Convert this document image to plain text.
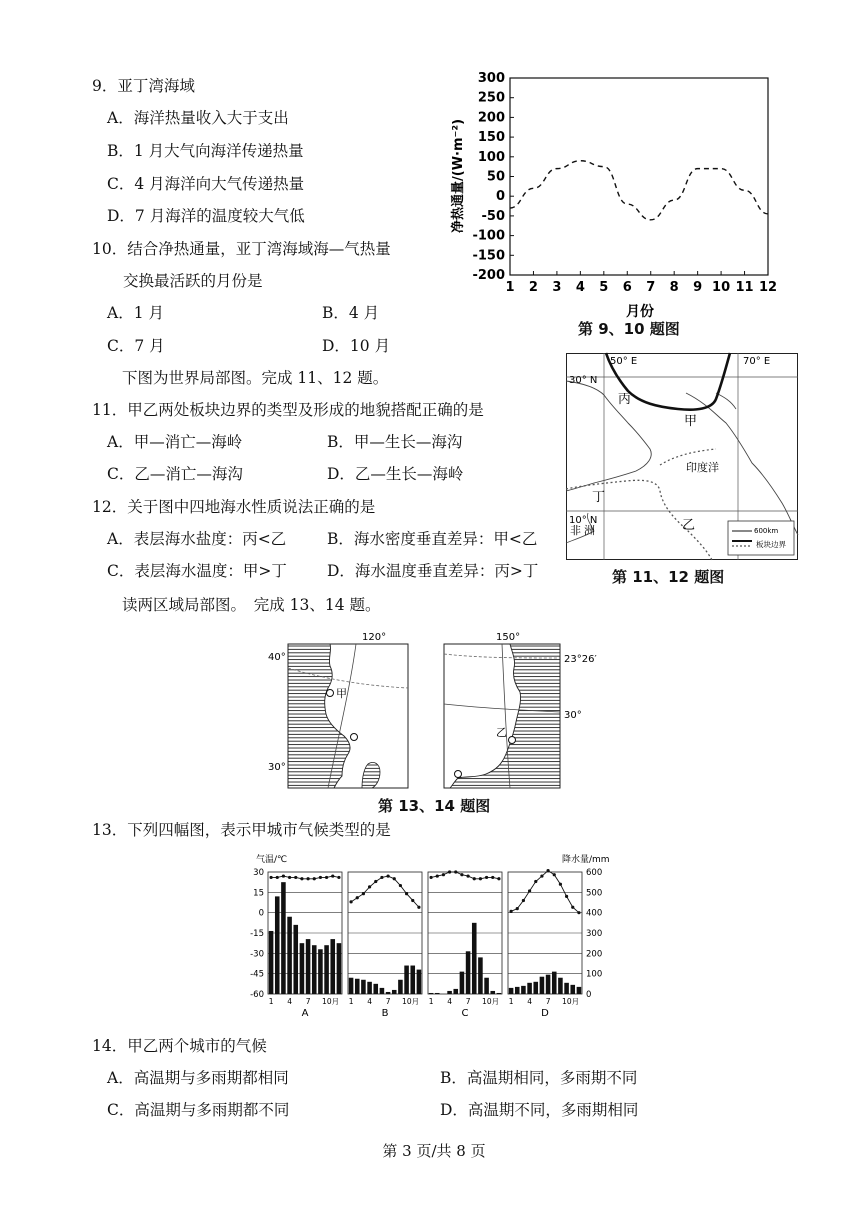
9．亚丁湾海域
A．海洋热量收入大于支出
B．1 月大气向海洋传递热量
C．4 月海洋向大气传递热量
D．7 月海洋的温度较大气低
10．结合净热通量，亚丁湾海域海—气热量
交换最活跃的月份是
A．1 月	B．4 月
C．7 月	D．10 月
300
250
200
150
100
50
0
-50
-100
-150
-200
1 2 3 4 5 6 7 8 9 10 11 12
净热通量/(W·m⁻²)
月份
第 9、10 题图
下图为世界局部图。完成 11、12 题。
11．甲乙两处板块边界的类型及形成的地貌搭配正确的是
A．甲—消亡—海岭	B．甲—生长—海沟
C．乙—消亡—海沟	D．乙—生长—海岭
12．关于图中四地海水性质说法正确的是
A．表层海水盐度：丙<乙	B．海水密度垂直差异：甲<乙
C．表层海水温度：甲>丁	D．海水温度垂直差异：丙>丁
50° E	70° E
30° N
10° N
丙
甲
丁
乙
印度洋
非 洲	600km
板块边界
第 11、12 题图
读两区域局部图。　完成 13、14 题。
120°
40°
30°
甲
150°
23°26′
30°
乙
第 13、14 题图
13．下列四幅图，表示甲城市气候类型的是
气温/℃	降水量/mm
30
15
0
-15
-30
-45
-60
600
500
400
300
200
100
0
1 4 7 10月
A
1 4 7 10月
B
1 4 7 10月
C
1 4 7 10月
D
14．甲乙两个城市的气候
A．高温期与多雨期都相同	B．高温期相同，多雨期不同
C．高温期与多雨期都不同	D．高温期不同，多雨期相同
第 3 页/共 8 页
